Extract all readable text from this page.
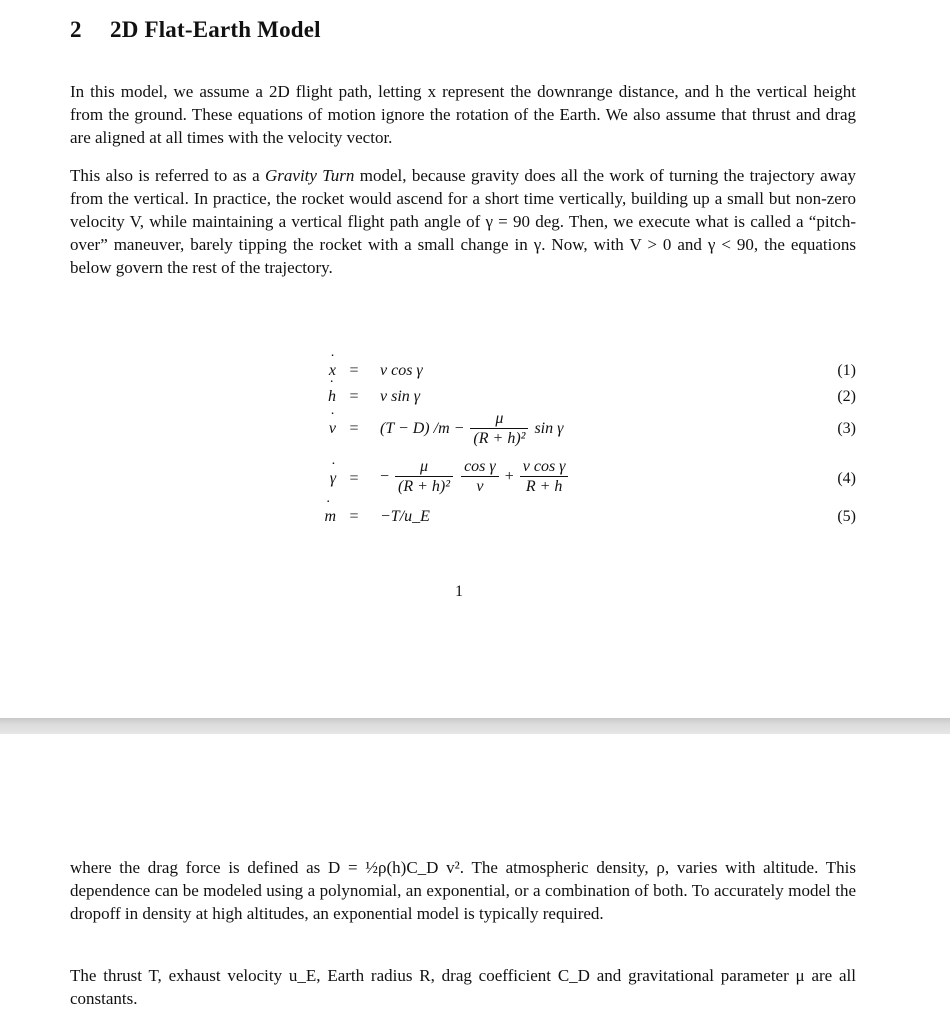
2 2D Flat-Earth Model

In this model, we assume a 2D flight path, letting x represent the downrange distance, and h the vertical height from the ground. These equations of motion ignore the rotation of the Earth. We also assume that thrust and drag are aligned at all times with the velocity vector.

This also is referred to as a Gravity Turn model, because gravity does all the work of turning the trajectory away from the vertical. In practice, the rocket would ascend for a short time vertically, building up a small but non-zero velocity V, while maintaining a vertical flight path angle of γ = 90 deg. Then, we execute what is called a “pitch-over” maneuver, barely tipping the rocket with a small change in γ. Now, with V > 0 and γ < 90, the equations below govern the rest of the trajectory.

x ˙ = v cos γ	(1)
h ˙ = v sin γ	(2)
v ˙ = (T − D) $/m - \frac{\mu}{\text{(R + h)²}}$ sin γ	(3)
γ ˙ = − $\frac{\mu}{\text{(R + h)²}}$
$\frac{\text{cos γ}}{v} + \frac{\text{v cos γ}}{R + h}$	(4)
m ˙ = −T/u_E	(5)
1

where the drag force is defined as D = ½ρ(h)C_D v². The atmospheric density, ρ, varies with altitude. This dependence can be modeled using a polynomial, an exponential, or a combination of both. To accurately model the dropoff in density at high altitudes, an exponential model is typically required.

The thrust T, exhaust velocity u_E, Earth radius R, drag coefficient C_D and gravitational parameter μ are all constants.
